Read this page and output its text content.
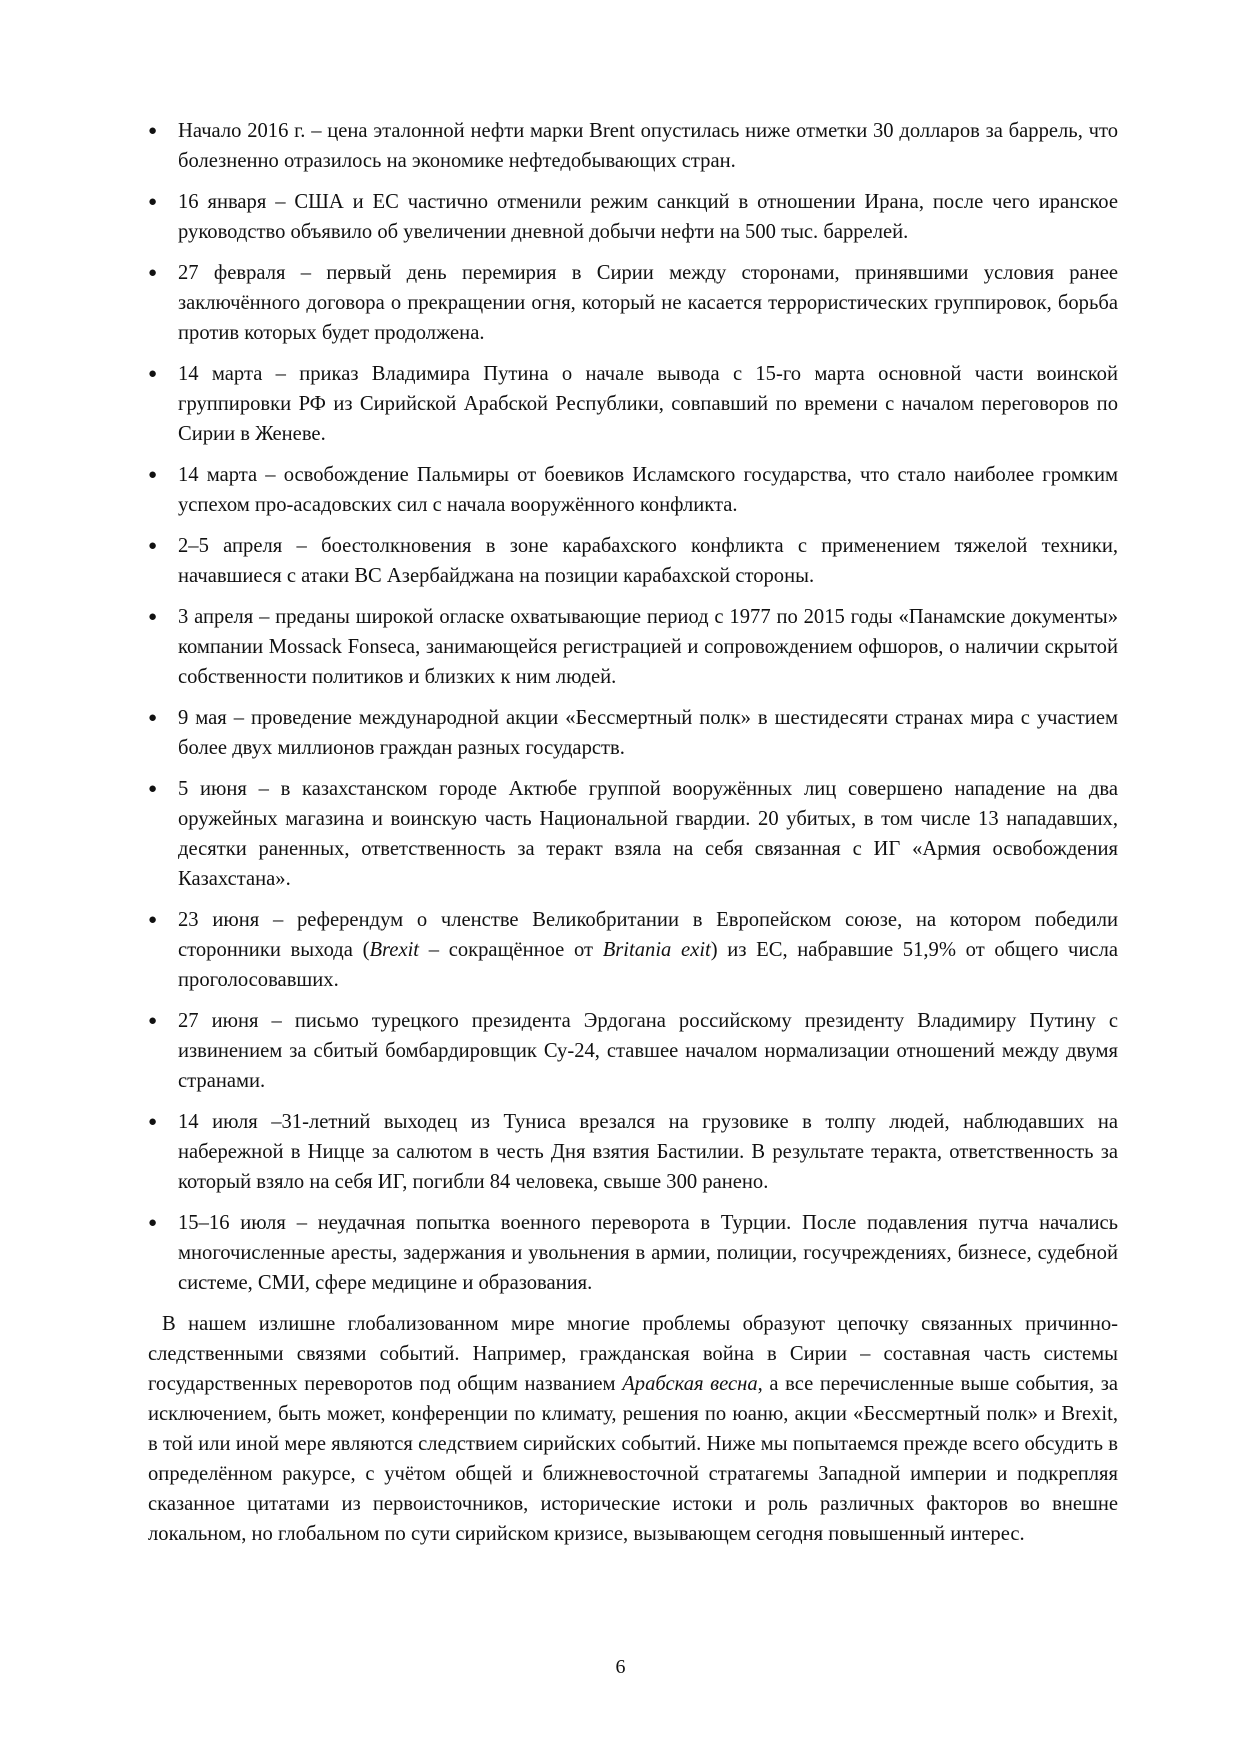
● Начало 2016 г. – цена эталонной нефти марки Brent опустилась ниже отметки 30 долларов за баррель, что болезненно отразилось на экономике нефтедобывающих стран.
● 16 января – США и ЕС частично отменили режим санкций в отношении Ирана, после чего иранское руководство объявило об увеличении дневной добычи нефти на 500 тыс. баррелей.
● 27 февраля – первый день перемирия в Сирии между сторонами, принявшими условия ранее заключённого договора о прекращении огня, который не касается террористических группировок, борьба против которых будет продолжена.
● 14 марта – приказ Владимира Путина о начале вывода с 15-го марта основной части воинской группировки РФ из Сирийской Арабской Республики, совпавший по времени с началом переговоров по Сирии в Женеве.
● 14 марта – освобождение Пальмиры от боевиков Исламского государства, что стало наиболее громким успехом про-асадовских сил с начала вооружённого конфликта.
● 2–5 апреля – боестолкновения в зоне карабахского конфликта с применением тяжелой техники, начавшиеся с атаки ВС Азербайджана на позиции карабахской стороны.
● 3 апреля – преданы широкой огласке охватывающие период с 1977 по 2015 годы «Панамские документы» компании Mossack Fonseca, занимающейся регистрацией и сопровождением офшоров, о наличии скрытой собственности политиков и близких к ним людей.
● 9 мая – проведение международной акции «Бессмертный полк» в шестидесяти странах мира с участием более двух миллионов граждан разных государств.
● 5 июня – в казахстанском городе Актюбе группой вооружённых лиц совершено нападение на два оружейных магазина и воинскую часть Национальной гвардии. 20 убитых, в том числе 13 нападавших, десятки раненных, ответственность за теракт взяла на себя связанная с ИГ «Армия освобождения Казахстана».
● 23 июня – референдум о членстве Великобритании в Европейском союзе, на котором победили сторонники выхода (Brexit – сокращённое от Britania exit) из ЕС, набравшие 51,9% от общего числа проголосовавших.
● 27 июня – письмо турецкого президента Эрдогана российскому президенту Владимиру Путину с извинением за сбитый бомбардировщик Су-24, ставшее началом нормализации отношений между двумя странами.
● 14 июля –31-летний выходец из Туниса врезался на грузовике в толпу людей, наблюдавших на набережной в Ницце за салютом в честь Дня взятия Бастилии. В результате теракта, ответственность за который взяло на себя ИГ, погибли 84 человека, свыше 300 ранено.
● 15–16 июля – неудачная попытка военного переворота в Турции. После подавления путча начались многочисленные аресты, задержания и увольнения в армии, полиции, госучреждениях, бизнесе, судебной системе, СМИ, сфере медицине и образования.

В нашем излишне глобализованном мире многие проблемы образуют цепочку связанных причинно-следственными связями событий. Например, гражданская война в Сирии – составная часть системы государственных переворотов под общим названием Арабская весна, а все перечисленные выше события, за исключением, быть может, конференции по климату, решения по юаню, акции «Бессмертный полк» и Brexit, в той или иной мере являются следствием сирийских событий. Ниже мы попытаемся прежде всего обсудить в определённом ракурсе, с учётом общей и ближневосточной стратагемы Западной империи и подкрепляя сказанное цитатами из первоисточников, исторические истоки и роль различных факторов во внешне локальном, но глобальном по сути сирийском кризисе, вызывающем сегодня повышенный интерес.

6
